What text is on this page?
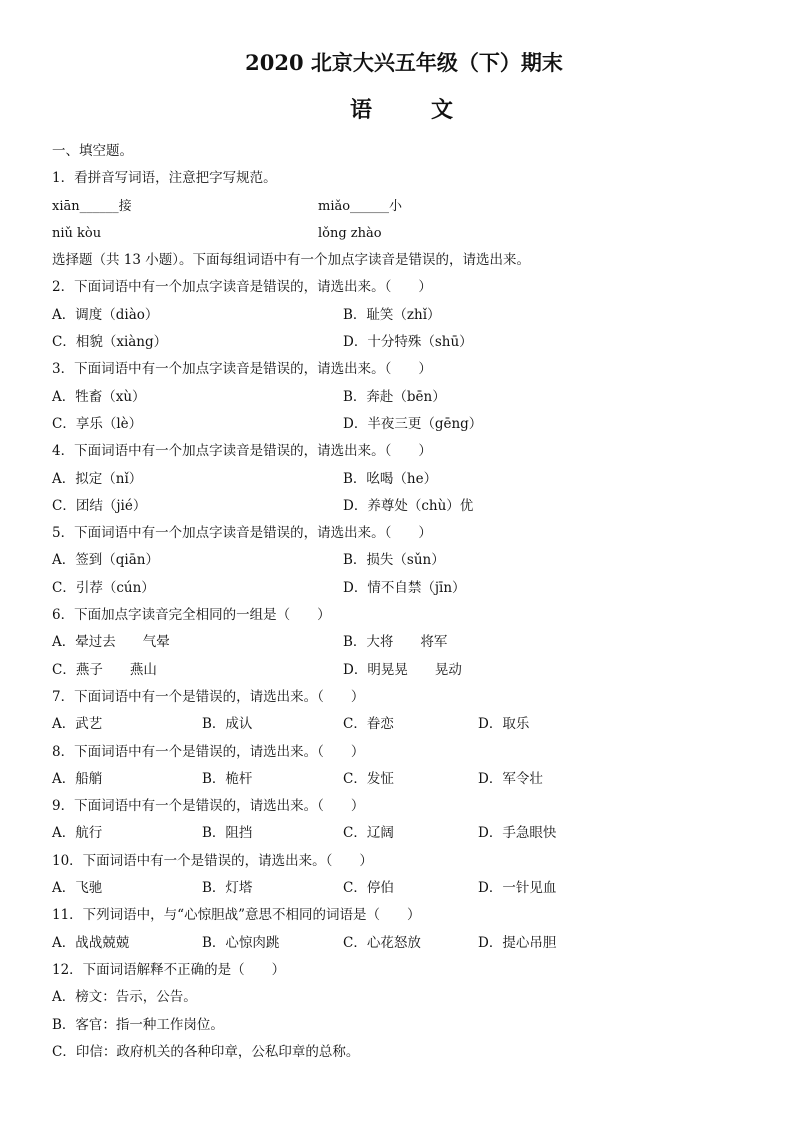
2020 北京大兴五年级（下）期末
语　　文

一、填空题。

1．看拼音写词语，注意把字写规范。

xiān______接

	miǎo______小

niǔ kòu

	lǒng zhào

选择题（共 13 小题）。下面每组词语中有一个加点字读音是错误的，请选出来。

2．下面词语中有一个加点字读音是错误的，请选出来。（　　）

A．调度（diào）

	B．耻笑（zhǐ）

C．相貌（xiàng）

	D．十分特殊（shū）

3．下面词语中有一个加点字读音是错误的，请选出来。（　　）

A．牲畜（xù）

	B．奔赴（bēn）

C．享乐（lè）

	D．半夜三更（gēng）

4．下面词语中有一个加点字读音是错误的，请选出来。（　　）

A．拟定（nǐ）

	B．吆喝（he）

C．团结（jié）

	D．养尊处（chù）优

5．下面词语中有一个加点字读音是错误的，请选出来。（　　）

A．签到（qiān）

	B．损失（sǔn）

C．引荐（cún）

	D．情不自禁（jīn）

6．下面加点字读音完全相同的一组是（　　）

A．晕过去　　气晕

	B．大将　　将军

C．燕子　　燕山

	D．明晃晃　　晃动

7．下面词语中有一个是错误的，请选出来。（　　）

A．武艺

	B．成认

	C．眷恋

	D．取乐

8．下面词语中有一个是错误的，请选出来。（　　）

A．船艄

	B．桅杆

	C．发怔

	D．军令壮

9．下面词语中有一个是错误的，请选出来。（　　）

A．航行

	B．阻挡

	C．辽阔

	D．手急眼快

10．下面词语中有一个是错误的，请选出来。（　　）

A．飞驰

	B．灯塔

	C．停伯

	D．一针见血

11．下列词语中，与“心惊胆战”意思不相同的词语是（　　）

A．战战兢兢

	B．心惊肉跳

	C．心花怒放

	D．提心吊胆

12．下面词语解释不正确的是（　　）

A．榜文：告示，公告。

B．客官：指一种工作岗位。

C．印信：政府机关的各种印章，公私印章的总称。
